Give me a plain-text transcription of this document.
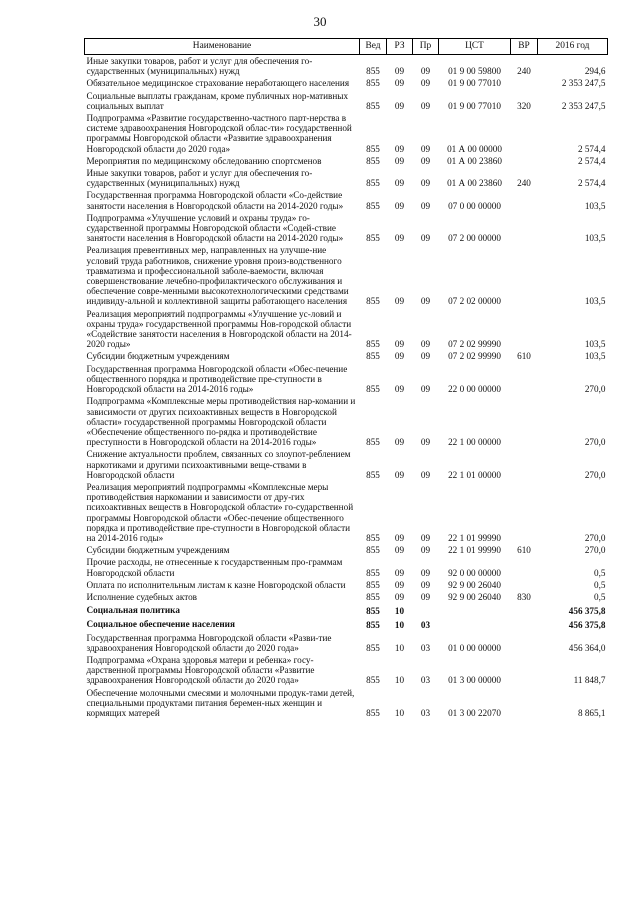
30
Наименование	Вед	РЗ	Пр	ЦСТ	ВР	2016 год
Иные закупки товаров, работ и услуг для обеспечения го-сударственных (муниципальных) нужд	855	09	09	01 9 00 59800	240	294,6
Обязательное медицинское страхование неработающего населения	855	09	09	01 9 00 77010		2 353 247,5
Социальные выплаты гражданам, кроме публичных нор-мативных социальных выплат	855	09	09	01 9 00 77010	320	2 353 247,5
Подпрограмма «Развитие государственно-частного парт-нерства в системе здравоохранения Новгородской облас-ти» государственной программы Новгородской области «Развитие здравоохранения Новгородской области до 2020 года»	855	09	09	01 А 00 00000		2 574,4
Мероприятия по медицинскому обследованию спортсменов	855	09	09	01 А 00 23860		2 574,4
Иные закупки товаров, работ и услуг для обеспечения го-сударственных (муниципальных) нужд	855	09	09	01 А 00 23860	240	2 574,4
Государственная программа Новгородской области «Со-действие занятости населения в Новгородской области на 2014-2020 годы»	855	09	09	07 0 00 00000		103,5
Подпрограмма «Улучшение условий и охраны труда» го-сударственной программы Новгородской области «Содей-ствие занятости населения в Новгородской области на 2014-2020 годы»	855	09	09	07 2 00 00000		103,5
Реализация превентивных мер, направленных на улучше-ние условий труда работников, снижение уровня произ-водственного травматизма и профессиональной заболе-ваемости, включая совершенствование лечебно-профилактического обслуживания и обеспечение совре-менными высокотехнологическими средствами индивиду-альной и коллективной защиты работающего населения	855	09	09	07 2 02 00000		103,5
Реализация мероприятий подпрограммы «Улучшение ус-ловий и охраны труда» государственной программы Нов-городской области «Содействие занятости населения в Новгородской области на 2014-2020 годы»	855	09	09	07 2 02 99990		103,5
Субсидии бюджетным учреждениям	855	09	09	07 2 02 99990	610	103,5
Государственная программа Новгородской области «Обес-печение общественного порядка и противодействие пре-ступности в Новгородской области на 2014-2016 годы»	855	09	09	22 0 00 00000		270,0
Подпрограмма «Комплексные меры противодействия нар-комании и зависимости от других психоактивных веществ в Новгородской области» государственной программы Новгородской области «Обеспечение общественного по-рядка и противодействие преступности в Новгородской области на 2014-2016 годы»	855	09	09	22 1 00 00000		270,0
Снижение актуальности проблем, связанных со злоупот-реблением наркотиками и другими психоактивными веще-ствами в Новгородской области	855	09	09	22 1 01 00000		270,0
Реализация мероприятий подпрограммы «Комплексные меры противодействия наркомании и зависимости от дру-гих психоактивных веществ в Новгородской области» го-сударственной программы Новгородской области «Обес-печение общественного порядка и противодействие пре-ступности в Новгородской области на 2014-2016 годы»	855	09	09	22 1 01 99990		270,0
Субсидии бюджетным учреждениям	855	09	09	22 1 01 99990	610	270,0
Прочие расходы, не отнесенные к государственным про-граммам Новгородской области	855	09	09	92 0 00 00000		0,5
Оплата по исполнительным листам к казне Новгородской области	855	09	09	92 9 00 26040		0,5
Исполнение судебных актов	855	09	09	92 9 00 26040	830	0,5
Социальная политика	855	10				456 375,8
Социальное обеспечение населения	855	10	03			456 375,8
Государственная программа Новгородской области «Разви-тие здравоохранения Новгородской области до 2020 года»	855	10	03	01 0 00 00000		456 364,0
Подпрограмма «Охрана здоровья матери и ребенка» госу-дарственной программы Новгородской области «Развитие здравоохранения Новгородской области до 2020 года»	855	10	03	01 3 00 00000		11 848,7
Обеспечение молочными смесями и молочными продук-тами детей, специальными продуктами питания беремен-ных женщин и кормящих матерей	855	10	03	01 3 00 22070		8 865,1
